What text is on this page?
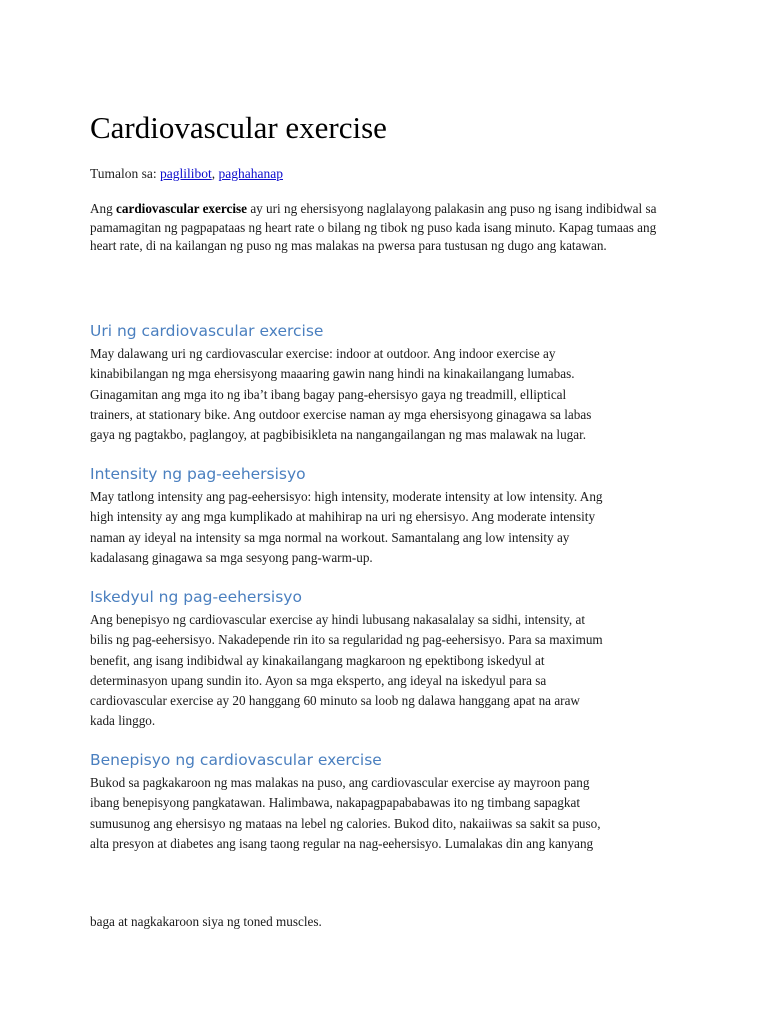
Cardiovascular exercise
Tumalon sa: paglilibot, paghahanap

Ang cardiovascular exercise ay uri ng ehersisyong naglalayong palakasin ang puso ng isang indibidwal sa pamamagitan ng pagpapataas ng heart rate o bilang ng tibok ng puso kada isang minuto. Kapag tumaas ang heart rate, di na kailangan ng puso ng mas malakas na pwersa para tustusan ng dugo ang katawan.

Uri ng cardiovascular exercise

May dalawang uri ng cardiovascular exercise: indoor at outdoor. Ang indoor exercise ay
kinabibilangan ng mga ehersisyong maaaring gawin nang hindi na kinakailangang lumabas.
Ginagamitan ang mga ito ng iba’t ibang bagay pang-ehersisyo gaya ng treadmill, elliptical
trainers, at stationary bike. Ang outdoor exercise naman ay mga ehersisyong ginagawa sa labas
gaya ng pagtakbo, paglangoy, at pagbibisikleta na nangangailangan ng mas malawak na lugar.

Intensity ng pag-eehersisyo

May tatlong intensity ang pag-eehersisyo: high intensity, moderate intensity at low intensity. Ang
high intensity ay ang mga kumplikado at mahihirap na uri ng ehersisyo. Ang moderate intensity
naman ay ideyal na intensity sa mga normal na workout. Samantalang ang low intensity ay
kadalasang ginagawa sa mga sesyong pang-warm-up.

Iskedyul ng pag-eehersisyo

Ang benepisyo ng cardiovascular exercise ay hindi lubusang nakasalalay sa sidhi, intensity, at
bilis ng pag-eehersisyo. Nakadepende rin ito sa regularidad ng pag-eehersisyo. Para sa maximum
benefit, ang isang indibidwal ay kinakailangang magkaroon ng epektibong iskedyul at
determinasyon upang sundin ito. Ayon sa mga eksperto, ang ideyal na iskedyul para sa
cardiovascular exercise ay 20 hanggang 60 minuto sa loob ng dalawa hanggang apat na araw
kada linggo.

Benepisyo ng cardiovascular exercise

Bukod sa pagkakaroon ng mas malakas na puso, ang cardiovascular exercise ay mayroon pang
ibang benepisyong pangkatawan. Halimbawa, nakapagpapababawas ito ng timbang sapagkat
sumusunog ang ehersisyo ng mataas na lebel ng calories. Bukod dito, nakaiiwas sa sakit sa puso,
alta presyon at diabetes ang isang taong regular na nag-eehersisyo. Lumalakas din ang kanyang

baga at nagkakaroon siya ng toned muscles.
